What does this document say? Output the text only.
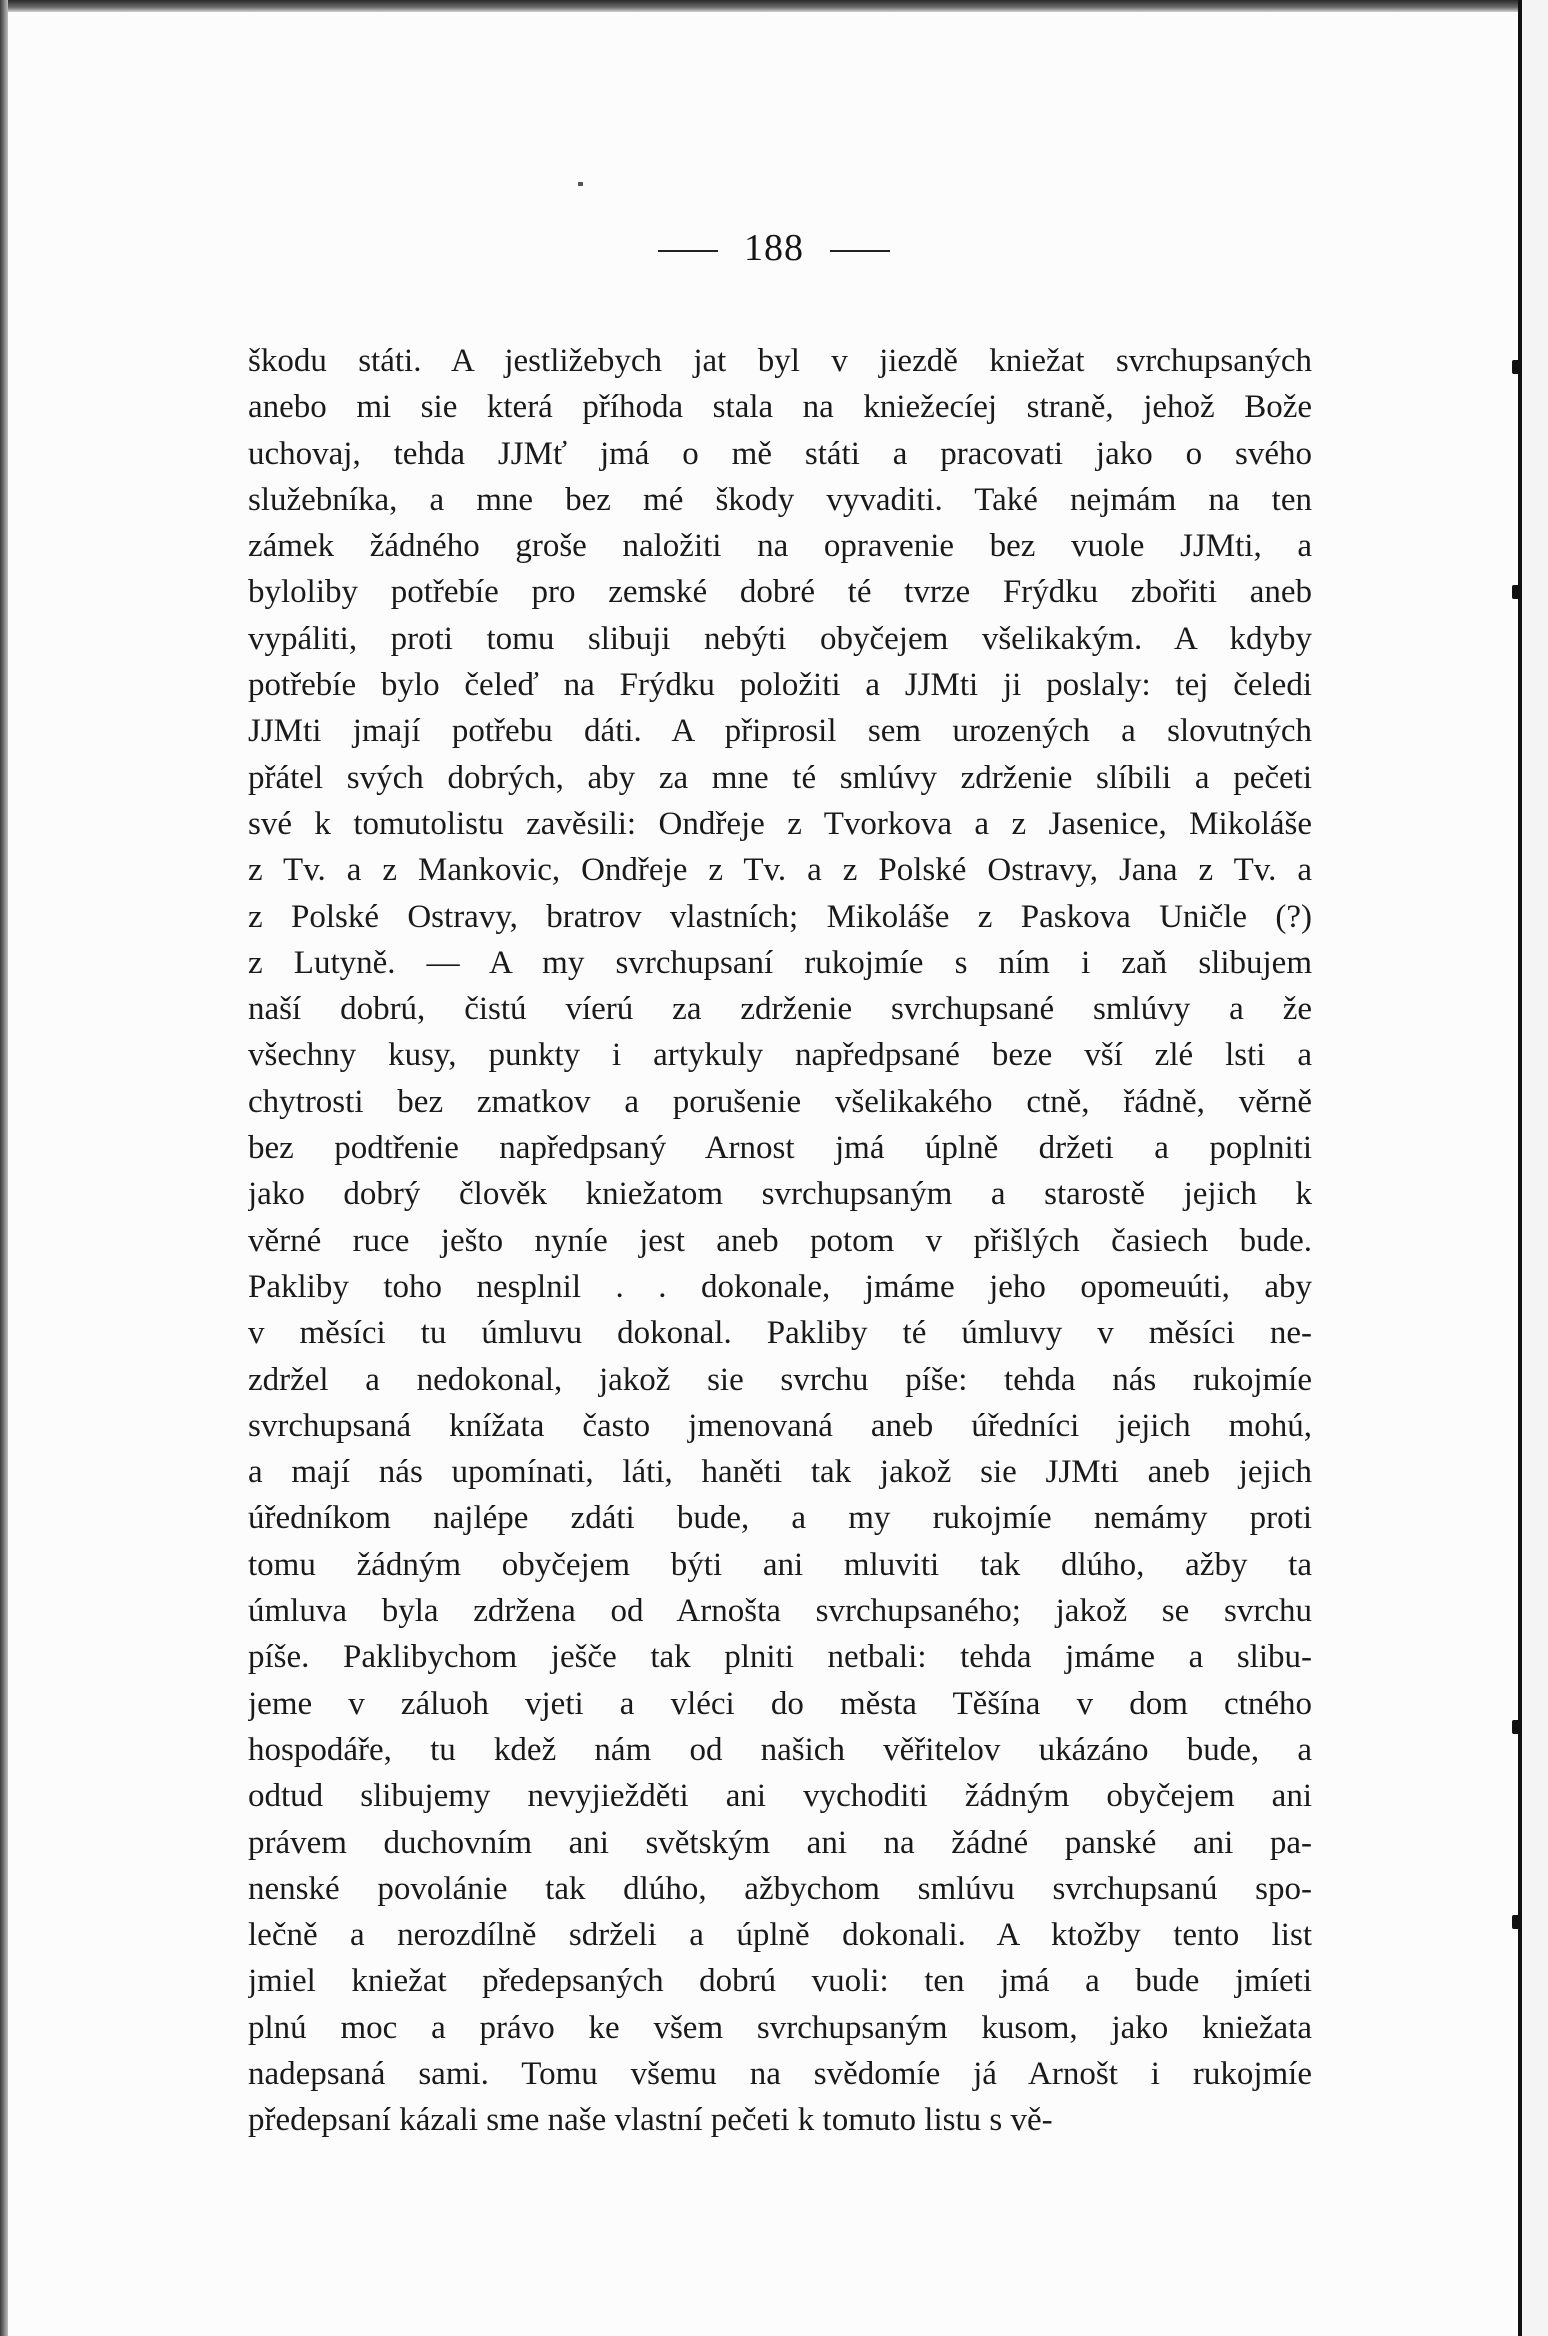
188
škodu státi. A jestližebych jat byl v jiezdě kniežat svrchupsaných
anebo mi sie která příhoda stala na kniežecíej straně, jehož Bože
uchovaj, tehda JJMť jmá o mě státi a pracovati jako o svého
služebníka, a mne bez mé škody vyvaditi. Také nejmám na ten
zámek žádného groše naložiti na opravenie bez vuole JJMti, a
byloliby potřebíe pro zemské dobré té tvrze Frýdku zbořiti aneb
vypáliti, proti tomu slibuji nebýti obyčejem všelikakým. A kdyby
potřebíe bylo čeleď na Frýdku položiti a JJMti ji poslaly: tej čeledi
JJMti jmají potřebu dáti. A připrosil sem urozených a slovutných
přátel svých dobrých, aby za mne té smlúvy zdrženie slíbili a pečeti
své k tomutolistu zavěsili: Ondřeje z Tvorkova a z Jasenice, Mikoláše
z Tv. a z Mankovic, Ondřeje z Tv. a z Polské Ostravy, Jana z Tv. a
z Polské Ostravy, bratrov vlastních; Mikoláše z Paskova Uničle (?)
z Lutyně. — A my svrchupsaní rukojmíe s ním i zaň slibujem
naší dobrú, čistú víerú za zdrženie svrchupsané smlúvy a že
všechny kusy, punkty i artykuly napředpsané beze vší zlé lsti a
chytrosti bez zmatkov a porušenie všelikakého ctně, řádně, věrně
bez podtřenie napředpsaný Arnost jmá úplně držeti a poplniti
jako dobrý člověk kniežatom svrchupsaným a starostě jejich k
věrné ruce ješto nyníe jest aneb potom v přišlých časiech bude.
Pakliby toho nesplnil . . dokonale, jmáme jeho opomeuúti, aby
v měsíci tu úmluvu dokonal. Pakliby té úmluvy v měsíci ne-
zdržel a nedokonal, jakož sie svrchu píše: tehda nás rukojmíe
svrchupsaná knížata často jmenovaná aneb úředníci jejich mohú,
a mají nás upomínati, láti, haněti tak jakož sie JJMti aneb jejich
úředníkom najlépe zdáti bude, a my rukojmíe nemámy proti
tomu žádným obyčejem býti ani mluviti tak dlúho, ažby ta
úmluva byla zdržena od Arnošta svrchupsaného; jakož se svrchu
píše. Paklibychom ješče tak plniti netbali: tehda jmáme a slibu-
jeme v záluoh vjeti a vléci do města Těšína v dom ctného
hospodáře, tu kdež nám od našich věřitelov ukázáno bude, a
odtud slibujemy nevyjiežděti ani vychoditi žádným obyčejem ani
právem duchovním ani světským ani na žádné panské ani pa-
nenské povolánie tak dlúho, ažbychom smlúvu svrchupsanú spo-
lečně a nerozdílně sdrželi a úplně dokonali. A ktožby tento list
jmiel kniežat předepsaných dobrú vuoli: ten jmá a bude jmíeti
plnú moc a právo ke všem svrchupsaným kusom, jako kniežata
nadepsaná sami. Tomu všemu na svědomíe já Arnošt i rukojmíe
předepsaní kázali sme naše vlastní pečeti k tomuto listu s vě-
